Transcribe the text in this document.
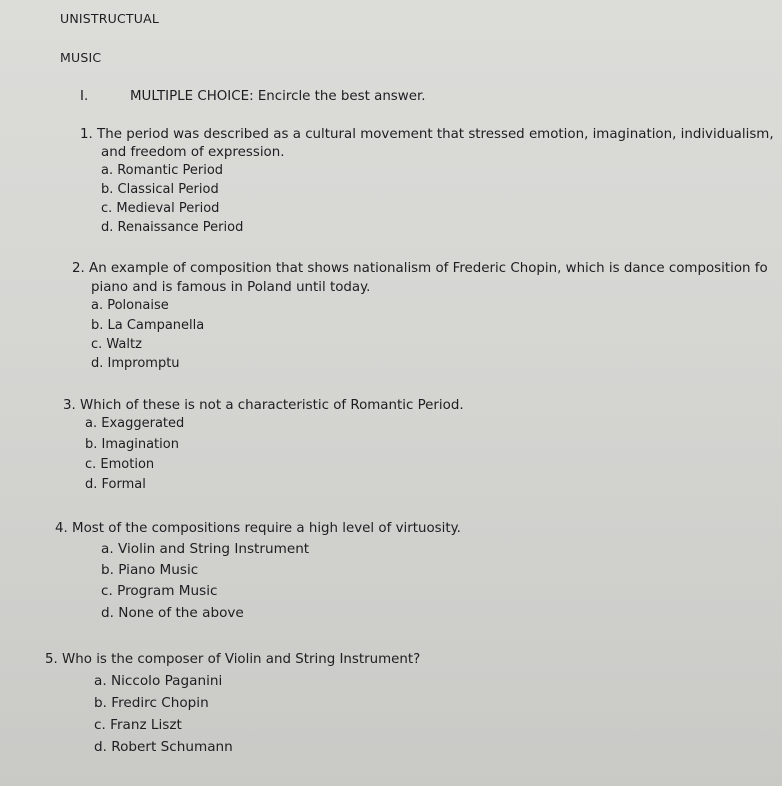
UNISTRUCTUAL
MUSIC
I.	MULTIPLE CHOICE: Encircle the best answer.
1. The period was described as a cultural movement that stressed emotion, imagination, individualism,
and freedom of expression.
a. Romantic Period
b. Classical Period
c. Medieval Period
d. Renaissance Period
2. An example of composition that shows nationalism of Frederic Chopin, which is dance composition fo
piano and is famous in Poland until today.
a. Polonaise
b. La Campanella
c. Waltz
d. Impromptu
3. Which of these is not a characteristic of Romantic Period.
a. Exaggerated
b. Imagination
c. Emotion
d. Formal
4. Most of the compositions require a high level of virtuosity.
a. Violin and String Instrument
b. Piano Music
c. Program Music
d. None of the above
5. Who is the composer of Violin and String Instrument?
a. Niccolo Paganini
b. Fredirc Chopin
c. Franz Liszt
d. Robert Schumann
